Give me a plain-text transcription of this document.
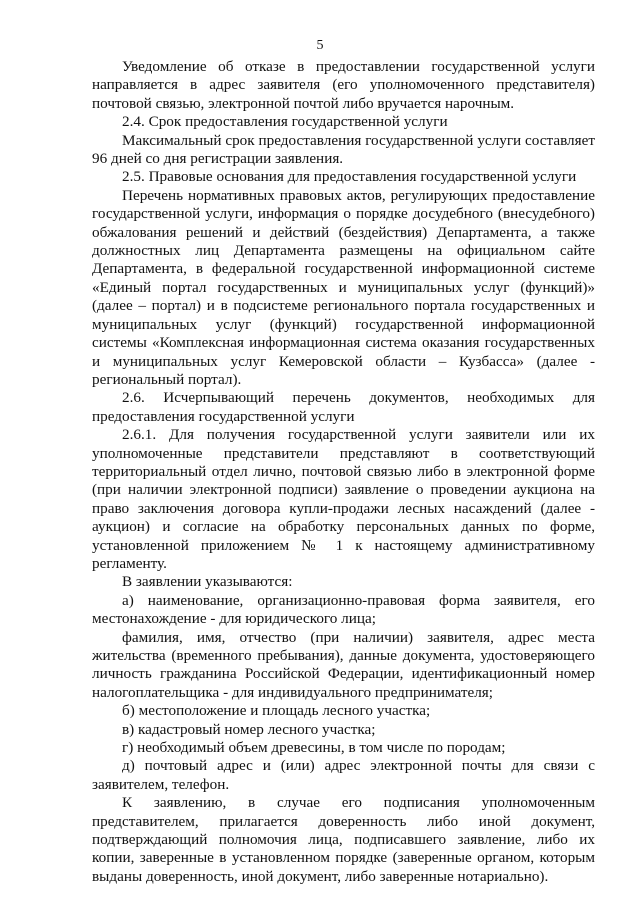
5

Уведомление об отказе в предоставлении государственной услуги направляется в адрес заявителя (его уполномоченного представителя) почтовой связью, электронной почтой либо вручается нарочным.

2.4. Срок предоставления государственной услуги

Максимальный срок предоставления государственной услуги составляет 96 дней со дня регистрации заявления.

2.5. Правовые основания для предоставления государственной услуги

Перечень нормативных правовых актов, регулирующих предоставление государственной услуги, информация о порядке досудебного (внесудебного) обжалования решений и действий (бездействия) Департамента, а также должностных лиц Департамента размещены на официальном сайте Департамента, в федеральной государственной информационной системе «Единый портал государственных и муниципальных услуг (функций)» (далее – портал) и в подсистеме регионального портала государственных и муниципальных услуг (функций) государственной информационной системы «Комплексная информационная система оказания государственных и муниципальных услуг Кемеровской области – Кузбасса» (далее - региональный портал).

2.6. Исчерпывающий перечень документов, необходимых для предоставления государственной услуги

2.6.1. Для получения государственной услуги заявители или их уполномоченные представители представляют в соответствующий территориальный отдел лично, почтовой связью либо в электронной форме (при наличии электронной подписи) заявление о проведении аукциона на право заключения договора купли-продажи лесных насаждений (далее - аукцион) и согласие на обработку персональных данных по форме, установленной приложением № 1 к настоящему административному регламенту.

В заявлении указываются:

а) наименование, организационно-правовая форма заявителя, его местонахождение - для юридического лица;

фамилия, имя, отчество (при наличии) заявителя, адрес места жительства (временного пребывания), данные документа, удостоверяющего личность гражданина Российской Федерации, идентификационный номер налогоплательщика - для индивидуального предпринимателя;

б) местоположение и площадь лесного участка;

в) кадастровый номер лесного участка;

г) необходимый объем древесины, в том числе по породам;

д) почтовый адрес и (или) адрес электронной почты для связи с заявителем, телефон.

К заявлению, в случае его подписания уполномоченным представителем, прилагается доверенность либо иной документ, подтверждающий полномочия лица, подписавшего заявление, либо их копии, заверенные в установленном порядке (заверенные органом, которым выданы доверенность, иной документ, либо заверенные нотариально).
